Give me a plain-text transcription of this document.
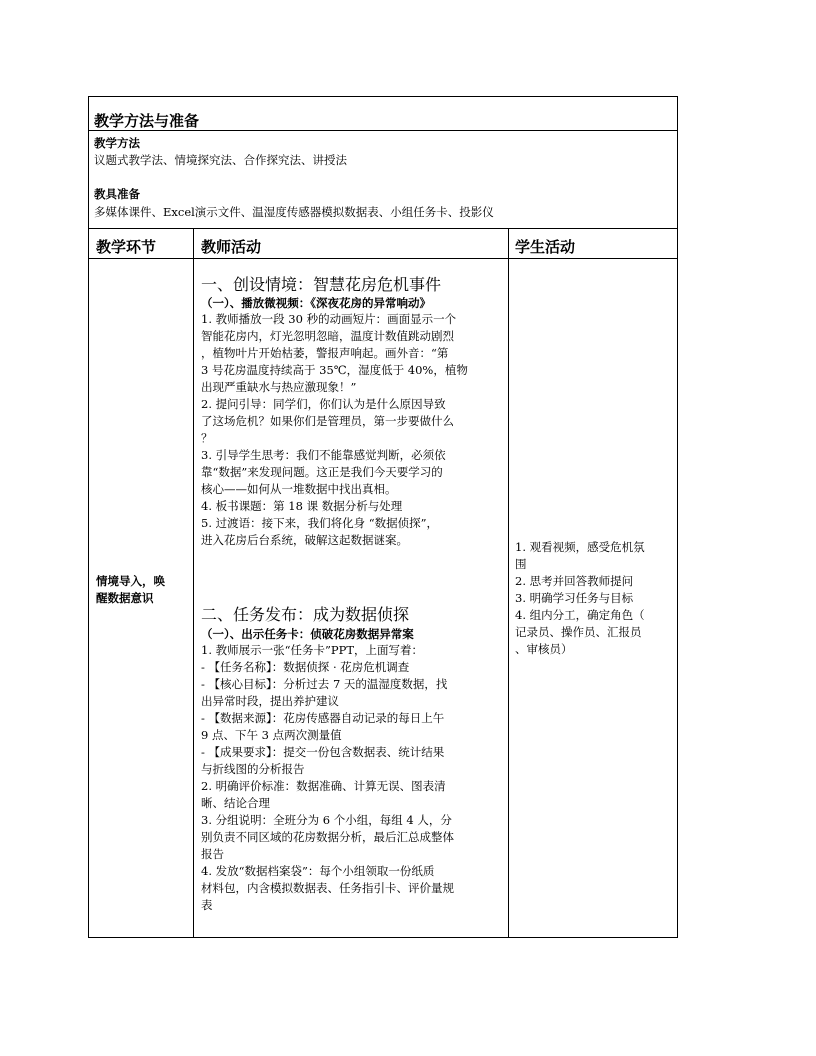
教学方法与准备
教学方法
议题式教学法、情境探究法、合作探究法、讲授法
教具准备
多媒体课件、Excel演示文件、温湿度传感器模拟数据表、小组任务卡、投影仪
教学环节	教师活动	学生活动
情境导入，唤
醒数据意识
一、创设情境：智慧花房危机事件
（一）、播放微视频：《深夜花房的异常响动》
1. 教师播放一段 30 秒的动画短片：画面显示一个
智能花房内，灯光忽明忽暗，温度计数值跳动剧烈
，植物叶片开始枯萎，警报声响起。画外音：“第
3 号花房温度持续高于 35℃，湿度低于 40%，植物
出现严重缺水与热应激现象！”
2. 提问引导：同学们，你们认为是什么原因导致
了这场危机？如果你们是管理员，第一步要做什么
？
3. 引导学生思考：我们不能靠感觉判断，必须依
靠“数据”来发现问题。这正是我们今天要学习的
核心——如何从一堆数据中找出真相。
4. 板书课题：第 18 课 数据分析与处理
5. 过渡语：接下来，我们将化身 “数据侦探”，
进入花房后台系统，破解这起数据谜案。
二、任务发布：成为数据侦探
（一）、出示任务卡：侦破花房数据异常案
1. 教师展示一张“任务卡”PPT，上面写着：
- 【任务名称】：数据侦探 · 花房危机调查
- 【核心目标】：分析过去 7 天的温湿度数据，找
出异常时段，提出养护建议
- 【数据来源】：花房传感器自动记录的每日上午
9 点、下午 3 点两次测量值
- 【成果要求】：提交一份包含数据表、统计结果
与折线图的分析报告
2. 明确评价标准：数据准确、计算无误、图表清
晰、结论合理
3. 分组说明：全班分为 6 个小组，每组 4 人，分
别负责不同区域的花房数据分析，最后汇总成整体
报告
4. 发放“数据档案袋”：每个小组领取一份纸质
材料包，内含模拟数据表、任务指引卡、评价量规
表
1. 观看视频，感受危机氛
围
2. 思考并回答教师提问
3. 明确学习任务与目标
4. 组内分工，确定角色（
记录员、操作员、汇报员
、审核员）
